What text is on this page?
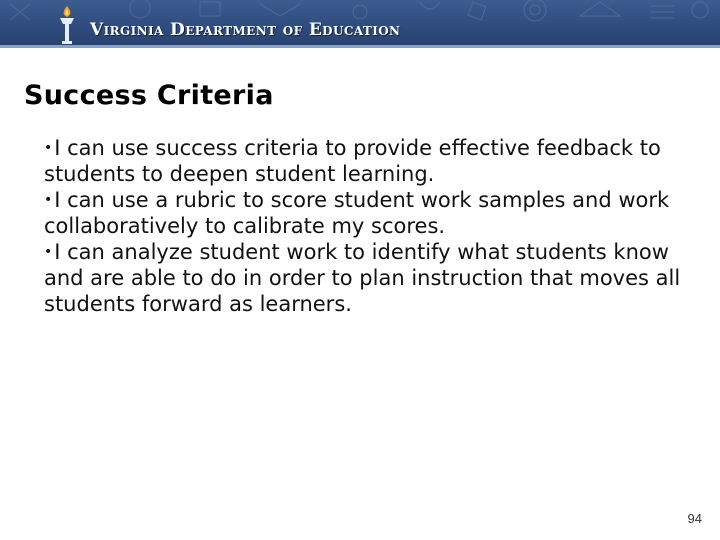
Virginia Department of Education
Success Criteria
•I can use success criteria to provide effective feedback to students to deepen student learning.
•I can use a rubric to score student work samples and work collaboratively to calibrate my scores.
•I can analyze student work to identify what students know and are able to do in order to plan instruction that moves all students forward as learners.
94
